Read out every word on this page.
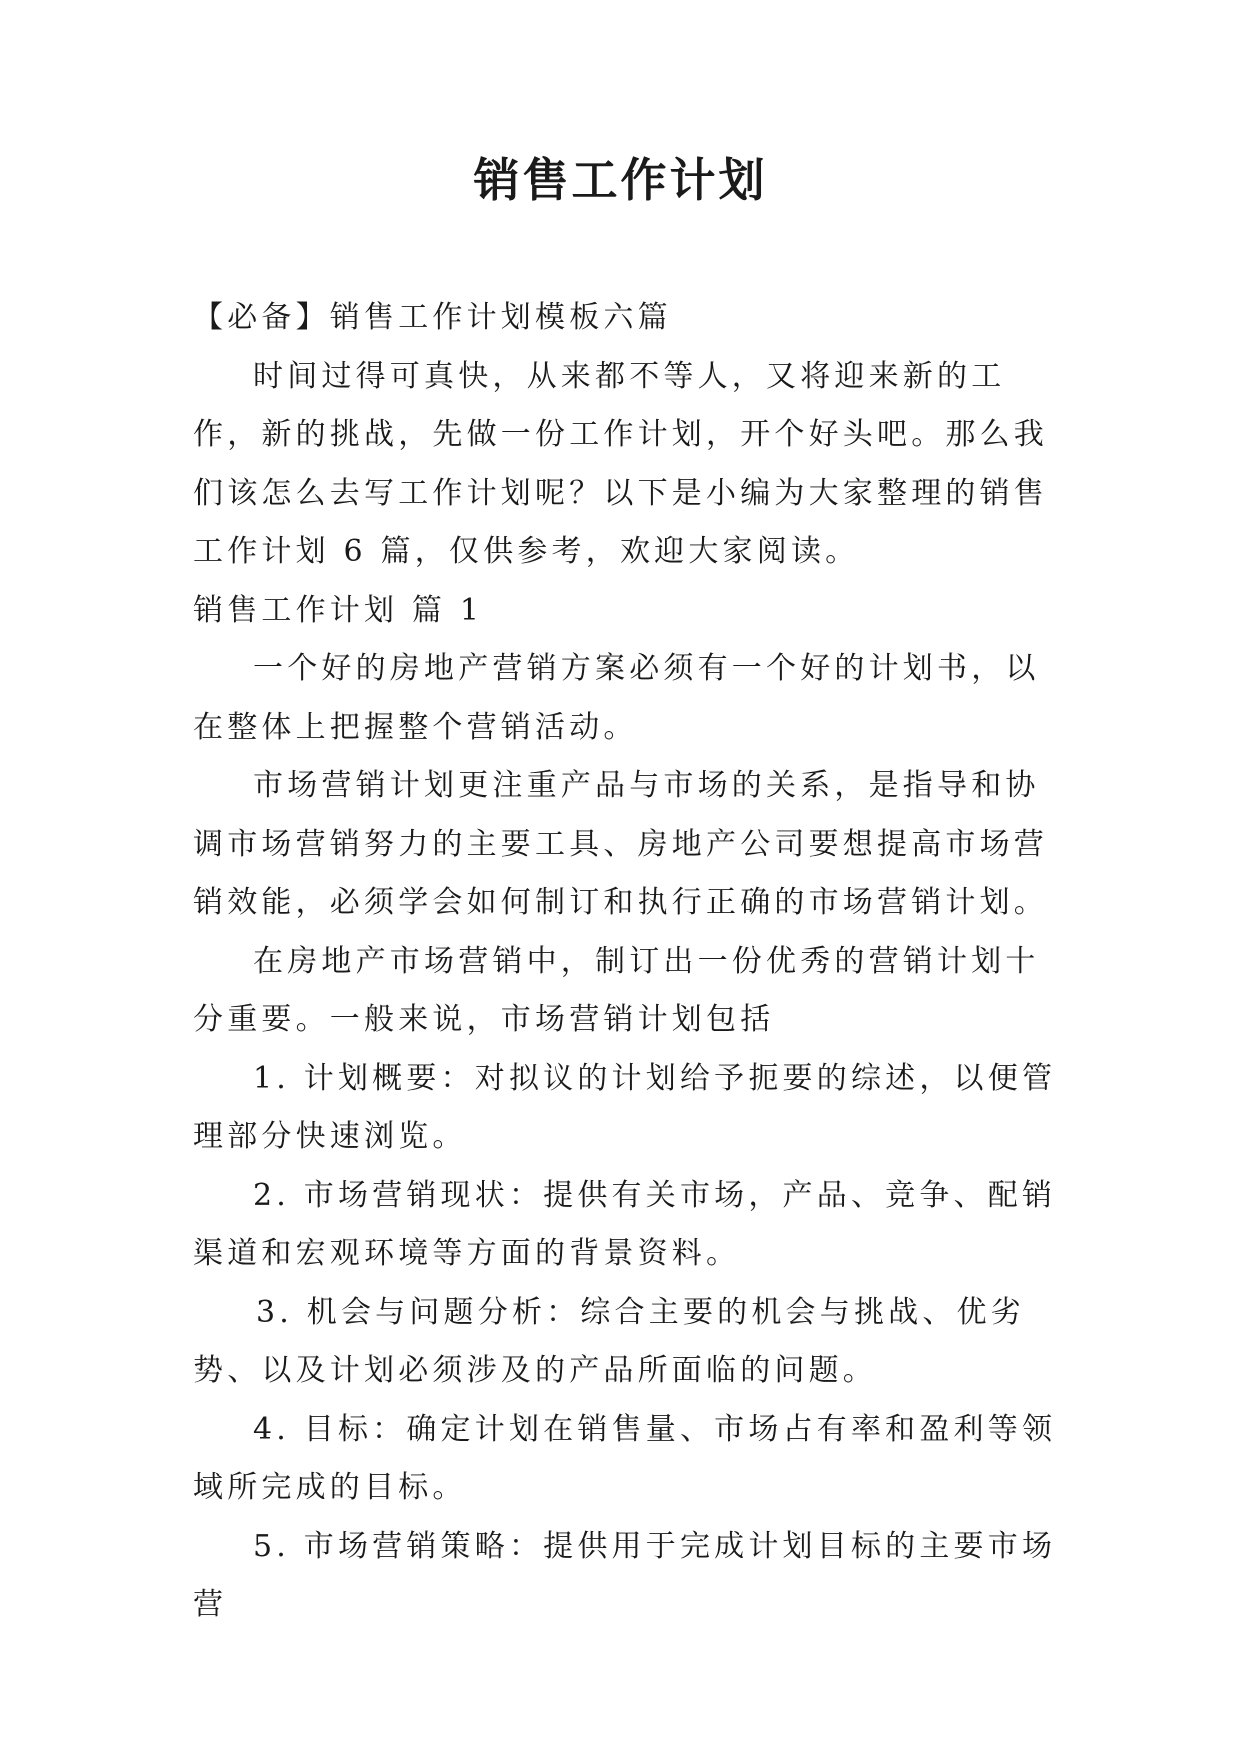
销售工作计划

【必备】销售工作计划模板六篇

时间过得可真快，从来都不等人，又将迎来新的工作，新的挑战，先做一份工作计划，开个好头吧。那么我们该怎么去写工作计划呢？以下是小编为大家整理的销售工作计划 6 篇，仅供参考，欢迎大家阅读。

销售工作计划 篇 1

一个好的房地产营销方案必须有一个好的计划书，以在整体上把握整个营销活动。

市场营销计划更注重产品与市场的关系，是指导和协调市场营销努力的主要工具、房地产公司要想提高市场营销效能，必须学会如何制订和执行正确的市场营销计划。

在房地产市场营销中，制订出一份优秀的营销计划十分重要。一般来说，市场营销计划包括

1. 计划概要：对拟议的计划给予扼要的综述，以便管理部分快速浏览。

2. 市场营销现状：提供有关市场，产品、竞争、配销渠道和宏观环境等方面的背景资料。

3. 机会与问题分析：综合主要的机会与挑战、优劣势、以及计划必须涉及的产品所面临的问题。

4. 目标：确定计划在销售量、市场占有率和盈利等领域所完成的目标。

5. 市场营销策略：提供用于完成计划目标的主要市场营
